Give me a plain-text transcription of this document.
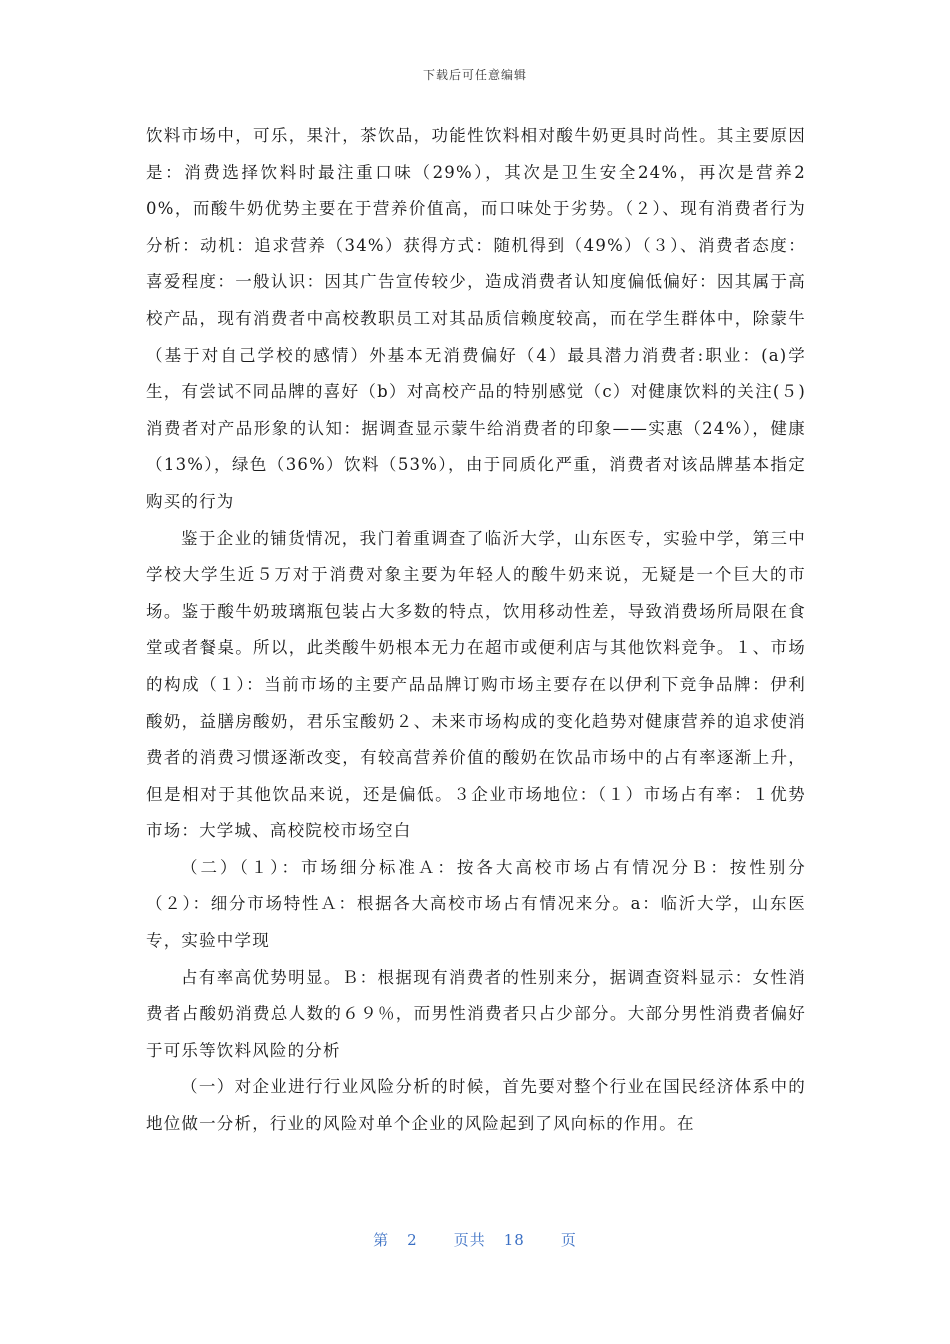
下载后可任意编辑

饮料市场中，可乐，果汁，茶饮品，功能性饮料相对酸牛奶更具时尚性。其主要原因是：消费选择饮料时最注重口味（29%），其次是卫生安全24%，再次是营养20%，而酸牛奶优势主要在于营养价值高，而口味处于劣势。（２）、现有消费者行为分析：动机：追求营养（34%）获得方式：随机得到（49%）（３）、消费者态度：喜爱程度：一般认识：因其广告宣传较少，造成消费者认知度偏低偏好：因其属于高校产品，现有消费者中高校教职员工对其品质信赖度较高，而在学生群体中，除蒙牛（基于对自己学校的感情）外基本无消费偏好（4）最具潜力消费者:职业：(a)学生，有尝试不同品牌的喜好（b）对高校产品的特别感觉（c）对健康饮料的关注(５)消费者对产品形象的认知：据调查显示蒙牛给消费者的印象——实惠（24%），健康（13%），绿色（36%）饮料（53%），由于同质化严重，消费者对该品牌基本指定购买的行为

鉴于企业的铺货情况，我门着重调查了临沂大学，山东医专，实验中学，第三中学校大学生近５万对于消费对象主要为年轻人的酸牛奶来说，无疑是一个巨大的市场。鉴于酸牛奶玻璃瓶包装占大多数的特点，饮用移动性差，导致消费场所局限在食堂或者餐桌。所以，此类酸牛奶根本无力在超市或便利店与其他饮料竞争。１、市场的构成（１）：当前市场的主要产品品牌订购市场主要存在以伊利下竞争品牌：伊利酸奶，益膳房酸奶，君乐宝酸奶２、未来市场构成的变化趋势对健康营养的追求使消费者的消费习惯逐渐改变，有较高营养价值的酸奶在饮品市场中的占有率逐渐上升，但是相对于其他饮品来说，还是偏低。３企业市场地位：（１）市场占有率：１优势市场：大学城、高校院校市场空白

（二）（１）：市场细分标准Ａ：按各大高校市场占有情况分Ｂ：按性别分（２）：细分市场特性Ａ：根据各大高校市场占有情况来分。a：临沂大学，山东医专，实验中学现

占有率高优势明显。Ｂ：根据现有消费者的性别来分，据调查资料显示：女性消费者占酸奶消费总人数的６９％，而男性消费者只占少部分。大部分男性消费者偏好于可乐等饮料风险的分析

（一）对企业进行行业风险分析的时候，首先要对整个行业在国民经济体系中的地位做一分析，行业的风险对单个企业的风险起到了风向标的作用。在

第 2 页共 18 页
